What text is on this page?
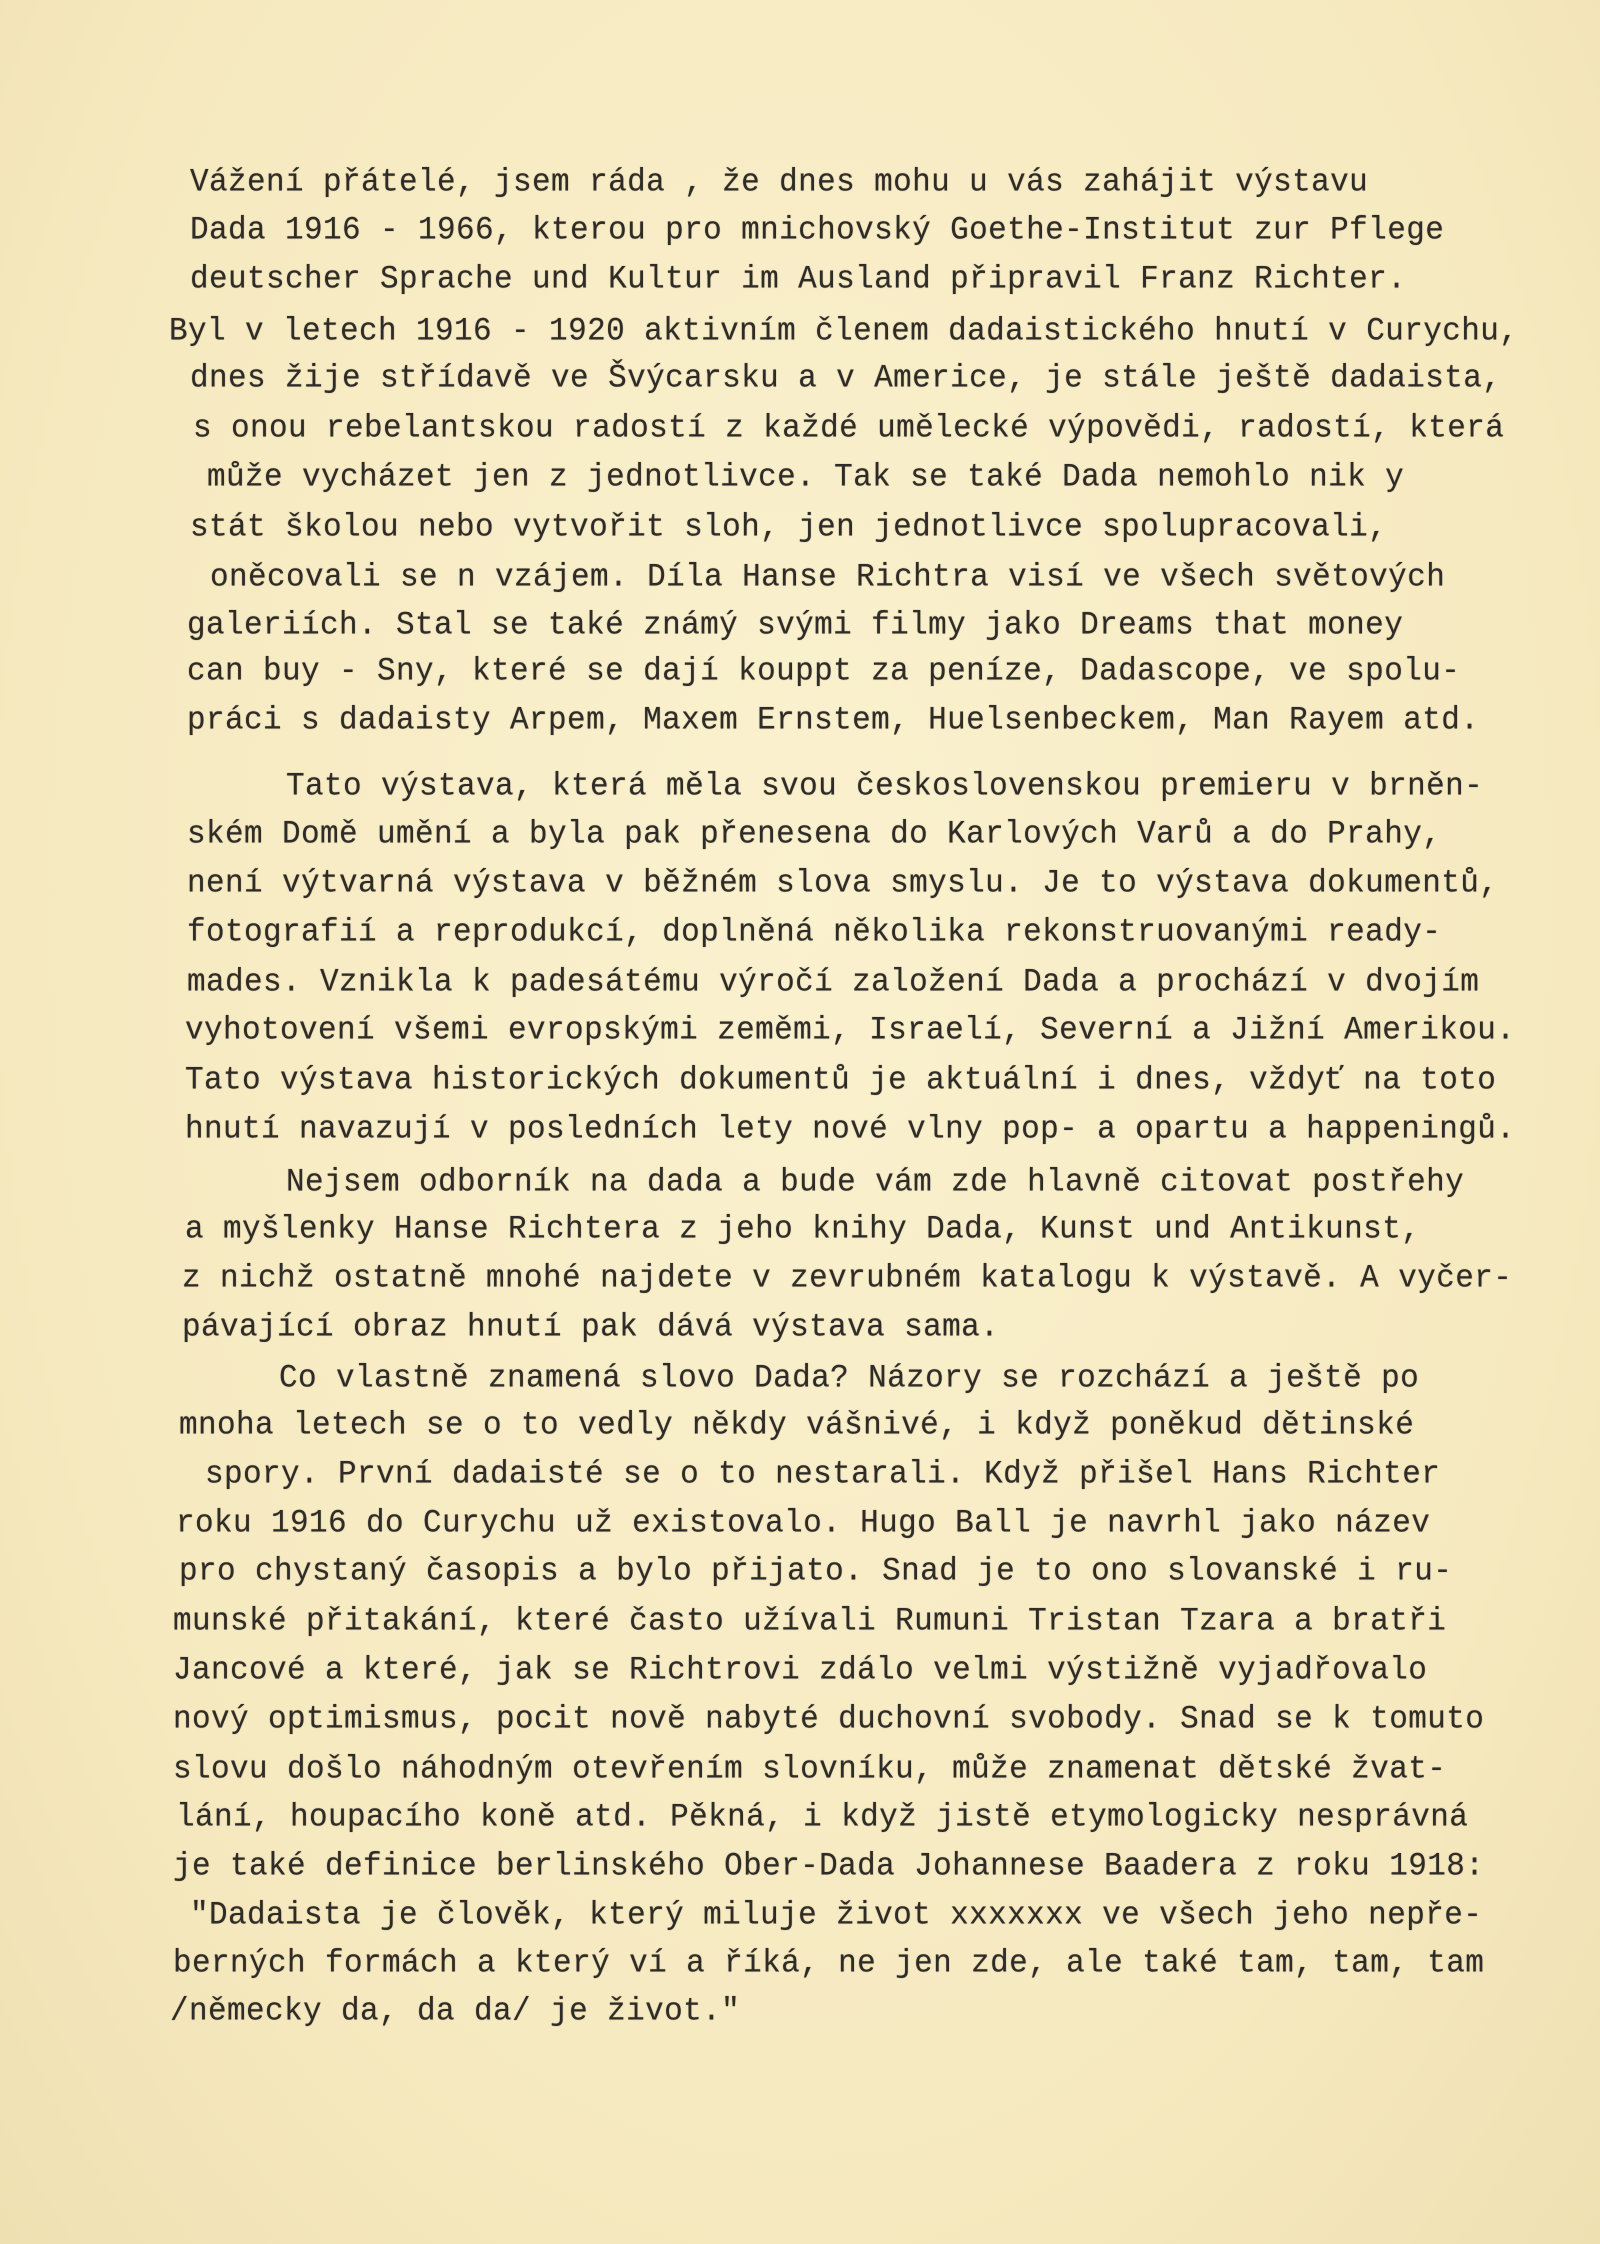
Vážení přátelé, jsem ráda , že dnes mohu u vás zahájit výstavu
Dada 1916 - 1966, kterou pro mnichovský Goethe-Institut zur Pflege
deutscher Sprache und Kultur im Ausland připravil Franz Richter.
Byl v letech 1916 - 1920 aktivním členem dadaistického hnutí v Curychu,
dnes žije střídavě ve Švýcarsku a v Americe, je stále ještě dadaista,
s onou rebelantskou radostí z každé umělecké výpovědi, radostí, která
může vycházet jen z jednotlivce. Tak se také Dada nemohlo nik y
stát školou nebo vytvořit sloh, jen jednotlivce spolupracovali,
oněcovali se n vzájem. Díla Hanse Richtra visí ve všech světových
galeriích. Stal se také známý svými filmy jako Dreams that money
can buy - Sny, které se dají kouppt za peníze, Dadascope, ve spolu-
práci s dadaisty Arpem, Maxem Ernstem, Huelsenbeckem, Man Rayem atd.
Tato výstava, která měla svou československou premieru v brněn-
ském Domě umění a byla pak přenesena do Karlových Varů a do Prahy,
není výtvarná výstava v běžném slova smyslu. Je to výstava dokumentů,
fotografií a reprodukcí, doplněná několika rekonstruovanými ready-
mades. Vznikla k padesátému výročí založení Dada a prochází v dvojím
vyhotovení všemi evropskými zeměmi, Israelí, Severní a Jižní Amerikou.
Tato výstava historických dokumentů je aktuální i dnes, vždyť na toto
hnutí navazují v posledních lety nové vlny pop- a opartu a happeningů.
Nejsem odborník na dada a bude vám zde hlavně citovat postřehy
a myšlenky Hanse Richtera z jeho knihy Dada, Kunst und Antikunst,
z nichž ostatně mnohé najdete v zevrubném katalogu k výstavě. A vyčer-
pávající obraz hnutí pak dává výstava sama.
Co vlastně znamená slovo Dada? Názory se rozchází a ještě po
mnoha letech se o to vedly někdy vášnivé, i když poněkud dětinské
spory. První dadaisté se o to nestarali. Když přišel Hans Richter
roku 1916 do Curychu už existovalo. Hugo Ball je navrhl jako název
pro chystaný časopis a bylo přijato. Snad je to ono slovanské i ru-
munské přitakání, které často užívali Rumuni Tristan Tzara a bratři
Jancové a které, jak se Richtrovi zdálo velmi výstižně vyjadřovalo
nový optimismus, pocit nově nabyté duchovní svobody. Snad se k tomuto
slovu došlo náhodným otevřením slovníku, může znamenat dětské žvat-
lání, houpacího koně atd. Pěkná, i když jistě etymologicky nesprávná
je také definice berlinského Ober-Dada Johannese Baadera z roku 1918:
"Dadaista je člověk, který miluje život xxxxxxx ve všech jeho nepře-
berných formách a který ví a říká, ne jen zde, ale také tam, tam, tam
/německy da, da da/ je život."
